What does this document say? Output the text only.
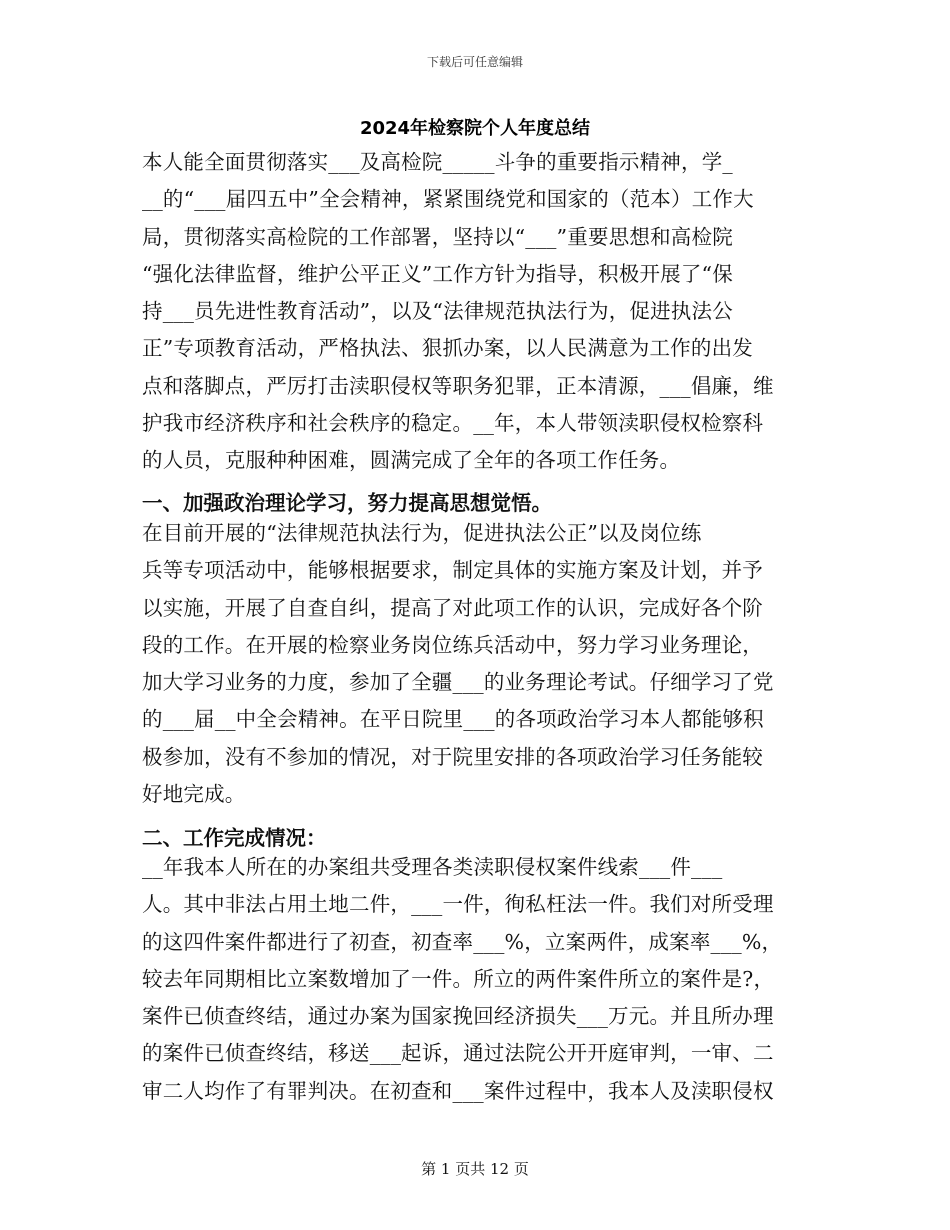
下载后可任意编辑
2024年检察院个人年度总结
本人能全面贯彻落实___及高检院_____斗争的重要指示精神，学_
__的“___届四五中”全会精神，紧紧围绕党和国家的（范本）工作大
局，贯彻落实高检院的工作部署，坚持以“___”重要思想和高检院
“强化法律监督，维护公平正义”工作方针为指导，积极开展了“保
持___员先进性教育活动”，以及“法律规范执法行为，促进执法公
正”专项教育活动，严格执法、狠抓办案，以人民满意为工作的出发
点和落脚点，严厉打击渎职侵权等职务犯罪，正本清源，___倡廉，维
护我市经济秩序和社会秩序的稳定。__年，本人带领渎职侵权检察科
的人员，克服种种困难，圆满完成了全年的各项工作任务。
一、加强政治理论学习，努力提高思想觉悟。
在目前开展的“法律规范执法行为，促进执法公正”以及岗位练
兵等专项活动中，能够根据要求，制定具体的实施方案及计划，并予
以实施，开展了自查自纠，提高了对此项工作的认识，完成好各个阶
段的工作。在开展的检察业务岗位练兵活动中，努力学习业务理论，
加大学习业务的力度，参加了全疆___的业务理论考试。仔细学习了党
的___届__中全会精神。在平日院里___的各项政治学习本人都能够积
极参加，没有不参加的情况，对于院里安排的各项政治学习任务能较
好地完成。
二、工作完成情况：
__年我本人所在的办案组共受理各类渎职侵权案件线索___件___
人。其中非法占用土地二件，___一件，徇私枉法一件。我们对所受理
的这四件案件都进行了初查，初查率___%，立案两件，成案率___%，
较去年同期相比立案数增加了一件。所立的两件案件所立的案件是?，
案件已侦查终结，通过办案为国家挽回经济损失___万元。并且所办理
的案件已侦查终结，移送___起诉，通过法院公开开庭审判，一审、二
审二人均作了有罪判决。在初查和___案件过程中，我本人及渎职侵权
第 1 页共 12 页
